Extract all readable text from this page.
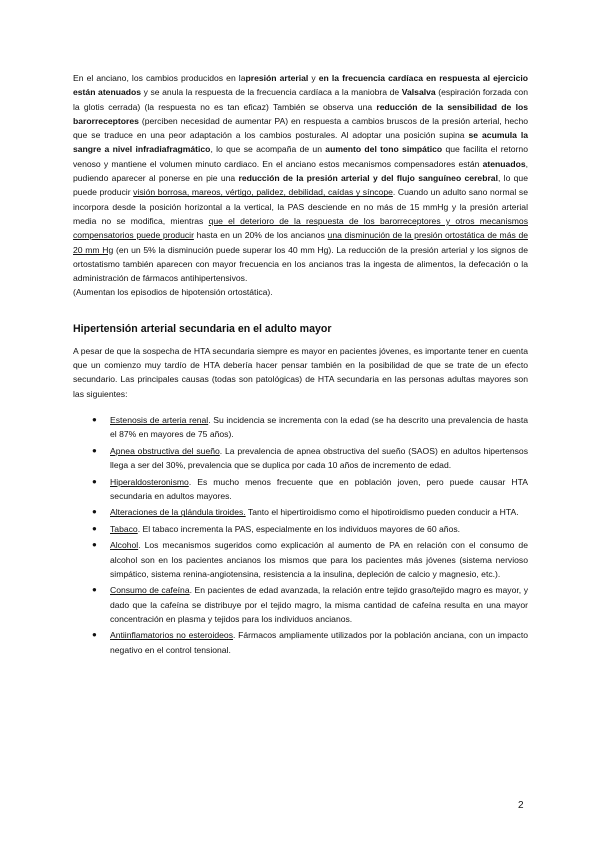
En el anciano, los cambios producidos en lapresión arterial y en la frecuencia cardíaca en respuesta al ejercicio están atenuados y se anula la respuesta de la frecuencia cardíaca a la maniobra de Valsalva (espiración forzada con la glotis cerrada) (la respuesta no es tan eficaz) También se observa una reducción de la sensibilidad de los barorreceptores (perciben necesidad de aumentar PA) en respuesta a cambios bruscos de la presión arterial, hecho que se traduce en una peor adaptación a los cambios posturales. Al adoptar una posición supina se acumula la sangre a nivel infradiafragmático, lo que se acompaña de un aumento del tono simpático que facilita el retorno venoso y mantiene el volumen minuto cardiaco. En el anciano estos mecanismos compensadores están atenuados, pudiendo aparecer al ponerse en pie una reducción de la presión arterial y del flujo sanguíneo cerebral, lo que puede producir visión borrosa, mareos, vértigo, palidez, debilidad, caídas y síncope. Cuando un adulto sano normal se incorpora desde la posición horizontal a la vertical, la PAS desciende en no más de 15 mmHg y la presión arterial media no se modifica, mientras que el deterioro de la respuesta de los barorreceptores y otros mecanismos compensatorios puede producir hasta en un 20% de los ancianos una disminución de la presión ortostática de más de 20 mm Hg (en un 5% la disminución puede superar los 40 mm Hg). La reducción de la presión arterial y los signos de ortostatismo también aparecen con mayor frecuencia en los ancianos tras la ingesta de alimentos, la defecación o la administración de fármacos antihipertensivos.

(Aumentan los episodios de hipotensión ortostática).

Hipertensión arterial secundaria en el adulto mayor

A pesar de que la sospecha de HTA secundaria siempre es mayor en pacientes jóvenes, es importante tener en cuenta que un comienzo muy tardío de HTA debería hacer pensar también en la posibilidad de que se trate de un efecto secundario. Las principales causas (todas son patológicas) de HTA secundaria en las personas adultas mayores son las siguientes:

● Estenosis de arteria renal. Su incidencia se incrementa con la edad (se ha descrito una prevalencia de hasta el 87% en mayores de 75 años).
● Apnea obstructiva del sueño. La prevalencia de apnea obstructiva del sueño (SAOS) en adultos hipertensos llega a ser del 30%, prevalencia que se duplica por cada 10 años de incremento de edad.
● Hiperaldosteronismo. Es mucho menos frecuente que en población joven, pero puede causar HTA secundaria en adultos mayores.
● Alteraciones de la glándula tiroides. Tanto el hipertiroidismo como el hipotiroidismo pueden conducir a HTA.
● Tabaco. El tabaco incrementa la PAS, especialmente en los individuos mayores de 60 años.
● Alcohol. Los mecanismos sugeridos como explicación al aumento de PA en relación con el consumo de alcohol son en los pacientes ancianos los mismos que para los pacientes más jóvenes (sistema nervioso simpático, sistema renina-angiotensina, resistencia a la insulina, depleción de calcio y magnesio, etc.).
● Consumo de cafeína. En pacientes de edad avanzada, la relación entre tejido graso/tejido magro es mayor, y dado que la cafeína se distribuye por el tejido magro, la misma cantidad de cafeína resulta en una mayor concentración en plasma y tejidos para los individuos ancianos.
● Antiinflamatorios no esteroideos. Fármacos ampliamente utilizados por la población anciana, con un impacto negativo en el control tensional.
2
